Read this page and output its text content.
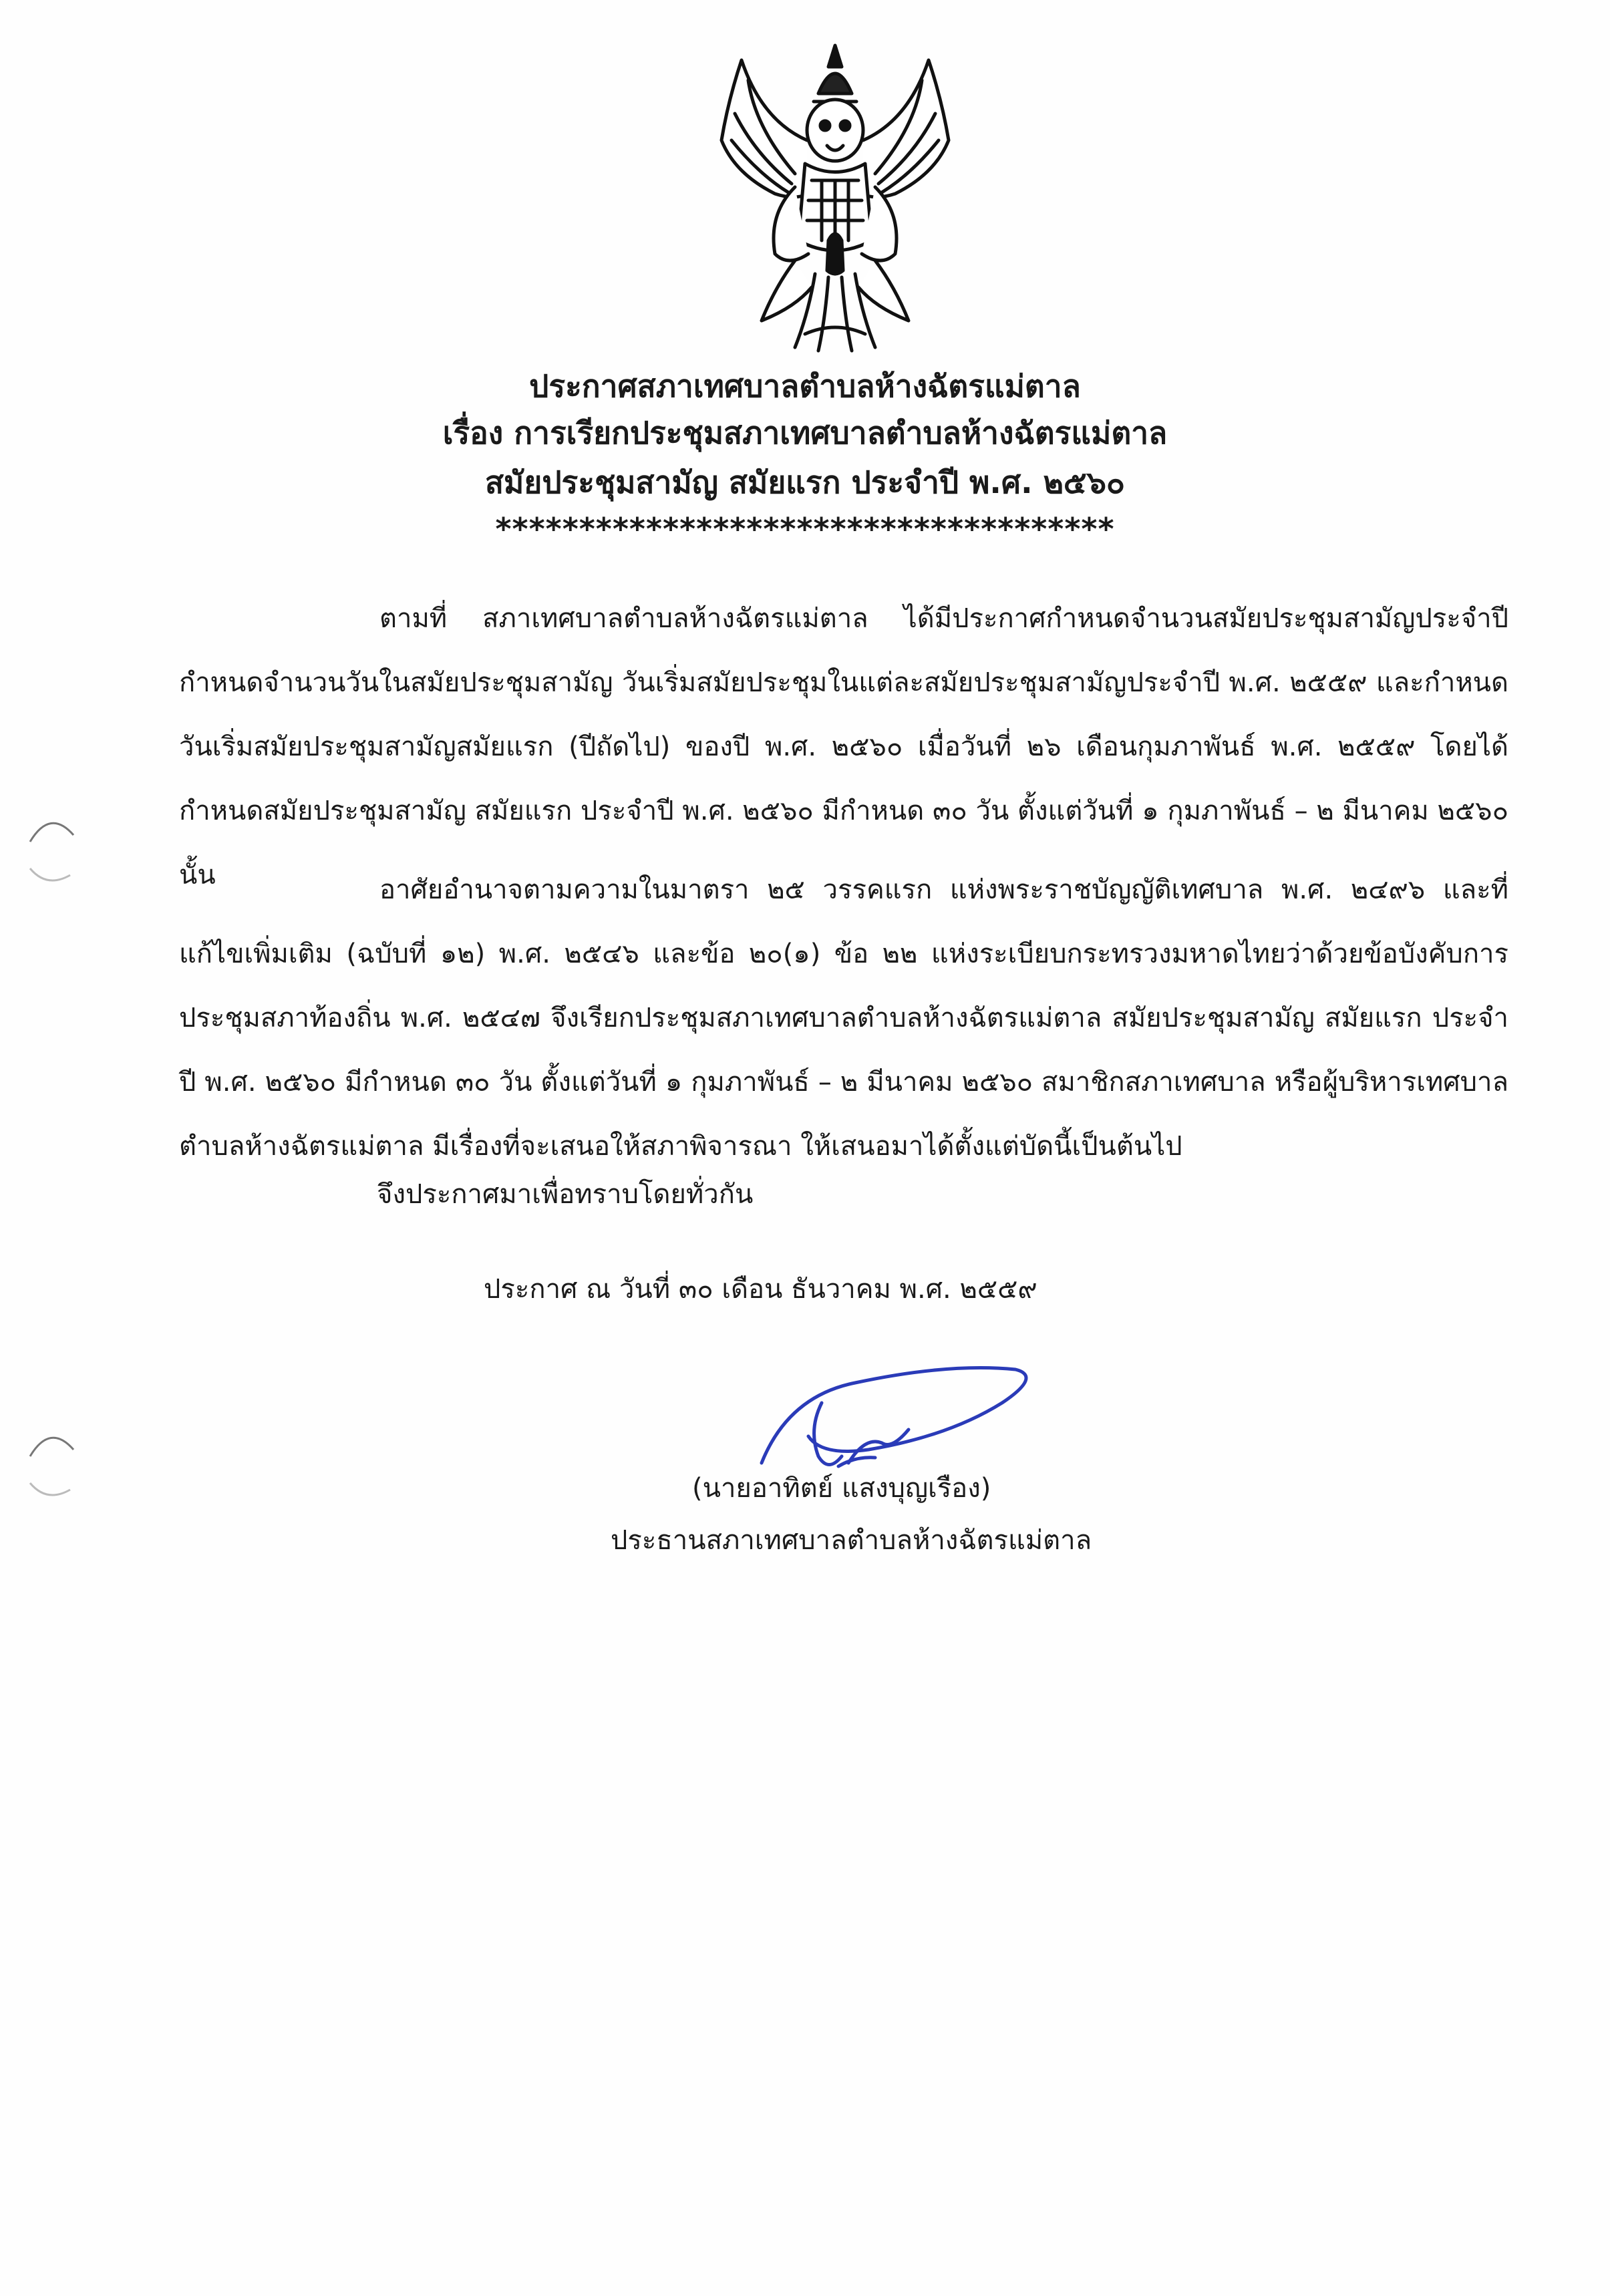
ประกาศสภาเทศบาลตำบลห้างฉัตรแม่ตาล
เรื่อง การเรียกประชุมสภาเทศบาลตำบลห้างฉัตรแม่ตาล
สมัยประชุมสามัญ สมัยแรก ประจำปี พ.ศ. ๒๕๖๐
*************************************

ตามที่ สภาเทศบาลตำบลห้างฉัตรแม่ตาล ได้มีประกาศกำหนดจำนวนสมัยประชุมสามัญประจำปี กำหนดจำนวนวันในสมัยประชุมสามัญ วันเริ่มสมัยประชุมในแต่ละสมัยประชุมสามัญประจำปี พ.ศ. ๒๕๕๙ และกำหนดวันเริ่มสมัยประชุมสามัญสมัยแรก (ปีถัดไป) ของปี พ.ศ. ๒๕๖๐ เมื่อวันที่ ๒๖ เดือนกุมภาพันธ์ พ.ศ. ๒๕๕๙ โดยได้กำหนดสมัยประชุมสามัญ สมัยแรก ประจำปี พ.ศ. ๒๕๖๐ มีกำหนด ๓๐ วัน ตั้งแต่วันที่ ๑ กุมภาพันธ์ – ๒ มีนาคม ๒๕๖๐ นั้น	อาศัยอำนาจตามความในมาตรา ๒๕ วรรคแรก แห่งพระราชบัญญัติเทศบาล พ.ศ. ๒๔๙๖ และที่แก้ไขเพิ่มเติม (ฉบับที่ ๑๒) พ.ศ. ๒๕๔๖ และข้อ ๒๐(๑) ข้อ ๒๒ แห่งระเบียบกระทรวงมหาดไทยว่าด้วยข้อบังคับการประชุมสภาท้องถิ่น พ.ศ. ๒๕๔๗ จึงเรียกประชุมสภาเทศบาลตำบลห้างฉัตรแม่ตาล สมัยประชุมสามัญ สมัยแรก ประจำปี พ.ศ. ๒๕๖๐ มีกำหนด ๓๐ วัน ตั้งแต่วันที่ ๑ กุมภาพันธ์ – ๒ มีนาคม ๒๕๖๐ สมาชิกสภาเทศบาล หรือผู้บริหารเทศบาลตำบลห้างฉัตรแม่ตาล มีเรื่องที่จะเสนอให้สภาพิจารณา ให้เสนอมาได้ตั้งแต่บัดนี้เป็นต้นไป

จึงประกาศมาเพื่อทราบโดยทั่วกัน
ประกาศ ณ วันที่ ๓๐ เดือน ธันวาคม พ.ศ. ๒๕๕๙
(นายอาทิตย์ แสงบุญเรือง)
ประธานสภาเทศบาลตำบลห้างฉัตรแม่ตาล
